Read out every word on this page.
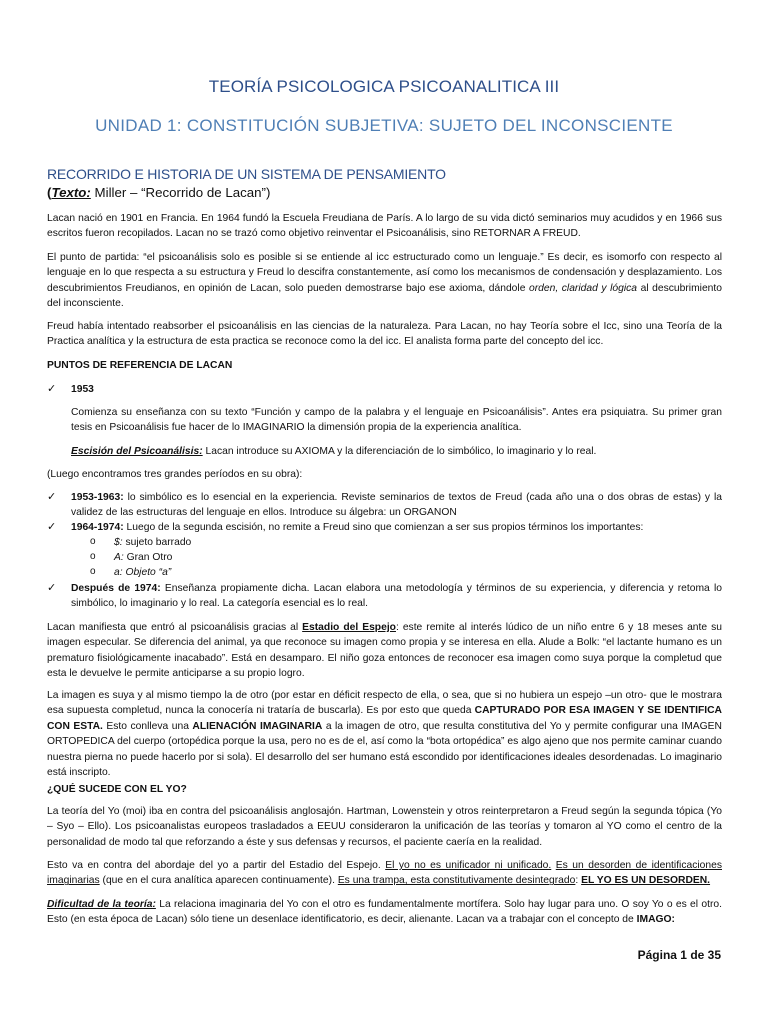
TEORÍA PSICOLOGICA PSICOANALITICA III
UNIDAD 1: CONSTITUCIÓN SUBJETIVA: SUJETO DEL INCONSCIENTE
RECORRIDO E HISTORIA DE UN SISTEMA DE PENSAMIENTO
(Texto: Miller – “Recorrido de Lacan”)
Lacan nació en 1901 en Francia. En 1964 fundó la Escuela Freudiana de París. A lo largo de su vida dictó seminarios muy acudidos y en 1966 sus escritos fueron recopilados. Lacan no se trazó como objetivo reinventar el Psicoanálisis, sino RETORNAR A FREUD.
El punto de partida: “el psicoanálisis solo es posible si se entiende al icc estructurado como un lenguaje.” Es decir, es isomorfo con respecto al lenguaje en lo que respecta a su estructura y Freud lo descifra constantemente, así como los mecanismos de condensación y desplazamiento. Los descubrimientos Freudianos, en opinión de Lacan, solo pueden demostrarse bajo ese axioma, dándole orden, claridad y lógica al descubrimiento del inconsciente.
Freud había intentado reabsorber el psicoanálisis en las ciencias de la naturaleza. Para Lacan, no hay Teoría sobre el Icc, sino una Teoría de la Practica analítica y la estructura de esta practica se reconoce como la del icc. El analista forma parte del concepto del icc.
PUNTOS DE REFERENCIA DE LACAN
✓ 1953
Comienza su enseñanza con su texto “Función y campo de la palabra y el lenguaje en Psicoanálisis”. Antes era psiquiatra. Su primer gran tesis en Psicoanálisis fue hacer de lo IMAGINARIO la dimensión propia de la experiencia analítica.
Escisión del Psicoanálisis: Lacan introduce su AXIOMA y la diferenciación de lo simbólico, lo imaginario y lo real.
(Luego encontramos tres grandes períodos en su obra):
✓ 1953-1963: lo simbólico es lo esencial en la experiencia. Reviste seminarios de textos de Freud (cada año una o dos obras de estas) y la validez de las estructuras del lenguaje en ellos. Introduce su álgebra: un ORGANON
✓ 1964-1974: Luego de la segunda escisión, no remite a Freud sino que comienzan a ser sus propios términos los importantes:
o $: sujeto barrado
o A: Gran Otro
o a: Objeto “a”
✓ Después de 1974: Enseñanza propiamente dicha. Lacan elabora una metodología y términos de su experiencia, y diferencia y retoma lo simbólico, lo imaginario y lo real. La categoría esencial es lo real.
Lacan manifiesta que entró al psicoanálisis gracias al Estadio del Espejo: este remite al interés lúdico de un niño entre 6 y 18 meses ante su imagen especular. Se diferencia del animal, ya que reconoce su imagen como propia y se interesa en ella. Alude a Bolk: “el lactante humano es un prematuro fisiológicamente inacabado”. Está en desamparo. El niño goza entonces de reconocer esa imagen como suya porque la completud que esta le devuelve le permite anticiparse a su propio logro.
La imagen es suya y al mismo tiempo la de otro (por estar en déficit respecto de ella, o sea, que si no hubiera un espejo –un otro- que le mostrara esa supuesta completud, nunca la conocería ni trataría de buscarla). Es por esto que queda CAPTURADO POR ESA IMAGEN Y SE IDENTIFICA CON ESTA. Esto conlleva una ALIENACIÓN IMAGINARIA a la imagen de otro, que resulta constitutiva del Yo y permite configurar una IMAGEN ORTOPEDICA del cuerpo (ortopédica porque la usa, pero no es de el, así como la “bota ortopédica” es algo ajeno que nos permite caminar cuando nuestra pierna no puede hacerlo por si sola). El desarrollo del ser humano está escondido por identificaciones ideales desordenadas. Lo imaginario está inscripto.
¿QUÉ SUCEDE CON EL YO?
La teoría del Yo (moi) iba en contra del psicoanálisis anglosajón. Hartman, Lowenstein y otros reinterpretaron a Freud según la segunda tópica (Yo – Syo – Ello). Los psicoanalistas europeos trasladados a EEUU consideraron la unificación de las teorías y tomaron al YO como el centro de la personalidad de modo tal que reforzando a éste y sus defensas y recursos, el paciente caería en la realidad.
Esto va en contra del abordaje del yo a partir del Estadio del Espejo. El yo no es unificador ni unificado. Es un desorden de identificaciones imaginarias (que en el cura analítica aparecen continuamente). Es una trampa, esta constitutivamente desintegrado: EL YO ES UN DESORDEN.
Dificultad de la teoría: La relaciona imaginaria del Yo con el otro es fundamentalmente mortífera. Solo hay lugar para uno. O soy Yo o es el otro. Esto (en esta época de Lacan) sólo tiene un desenlace identificatorio, es decir, alienante. Lacan va a trabajar con el concepto de IMAGO:
Página 1 de 35
